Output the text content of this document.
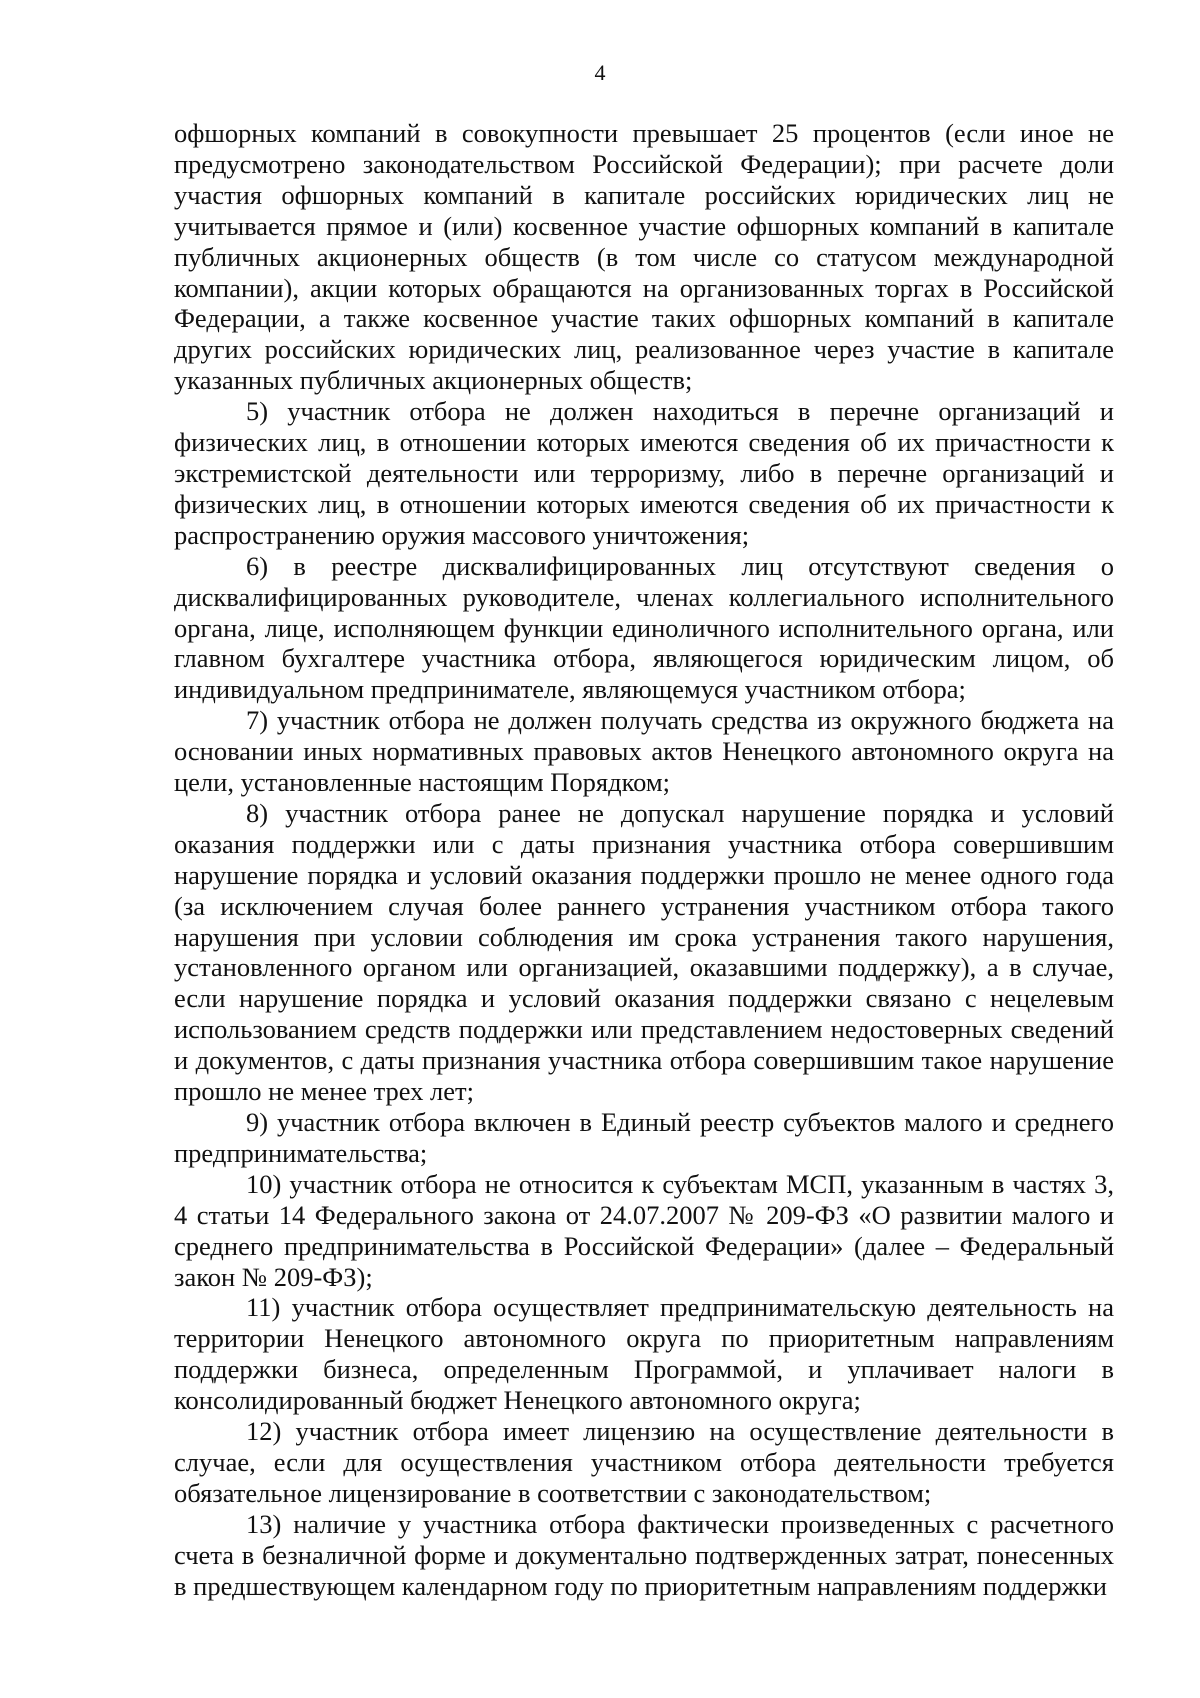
4

офшорных компаний в совокупности превышает 25 процентов (если иное не предусмотрено законодательством Российской Федерации); при расчете доли участия офшорных компаний в капитале российских юридических лиц не учитывается прямое и (или) косвенное участие офшорных компаний в капитале публичных акционерных обществ (в том числе со статусом международной компании), акции которых обращаются на организованных торгах в Российской Федерации, а также косвенное участие таких офшорных компаний в капитале других российских юридических лиц, реализованное через участие в капитале указанных публичных акционерных обществ;

5) участник отбора не должен находиться в перечне организаций и физических лиц, в отношении которых имеются сведения об их причастности к экстремистской деятельности или терроризму, либо в перечне организаций и физических лиц, в отношении которых имеются сведения об их причастности к распространению оружия массового уничтожения;

6) в реестре дисквалифицированных лиц отсутствуют сведения о дисквалифицированных руководителе, членах коллегиального исполнительного органа, лице, исполняющем функции единоличного исполнительного органа, или главном бухгалтере участника отбора, являющегося юридическим лицом, об индивидуальном предпринимателе, являющемуся участником отбора;

7) участник отбора не должен получать средства из окружного бюджета на основании иных нормативных правовых актов Ненецкого автономного округа на цели, установленные настоящим Порядком;

8) участник отбора ранее не допускал нарушение порядка и условий оказания поддержки или с даты признания участника отбора совершившим нарушение порядка и условий оказания поддержки прошло не менее одного года (за исключением случая более раннего устранения участником отбора такого нарушения при условии соблюдения им срока устранения такого нарушения, установленного органом или организацией, оказавшими поддержку), а в случае, если нарушение порядка и условий оказания поддержки связано с нецелевым использованием средств поддержки или представлением недостоверных сведений и документов, с даты признания участника отбора совершившим такое нарушение прошло не менее трех лет;

9) участник отбора включен в Единый реестр субъектов малого и среднего предпринимательства;

10) участник отбора не относится к субъектам МСП, указанным в частях 3, 4 статьи 14 Федерального закона от 24.07.2007 № 209-ФЗ «О развитии малого и среднего предпринимательства в Российской Федерации» (далее – Федеральный закон № 209-ФЗ);

11) участник отбора осуществляет предпринимательскую деятельность на территории Ненецкого автономного округа по приоритетным направлениям поддержки бизнеса, определенным Программой, и уплачивает налоги в консолидированный бюджет Ненецкого автономного округа;

12) участник отбора имеет лицензию на осуществление деятельности в случае, если для осуществления участником отбора деятельности требуется обязательное лицензирование в соответствии с законодательством;

13) наличие у участника отбора фактически произведенных с расчетного счета в безналичной форме и документально подтвержденных затрат, понесенных в предшествующем календарном году по приоритетным направлениям поддержки
